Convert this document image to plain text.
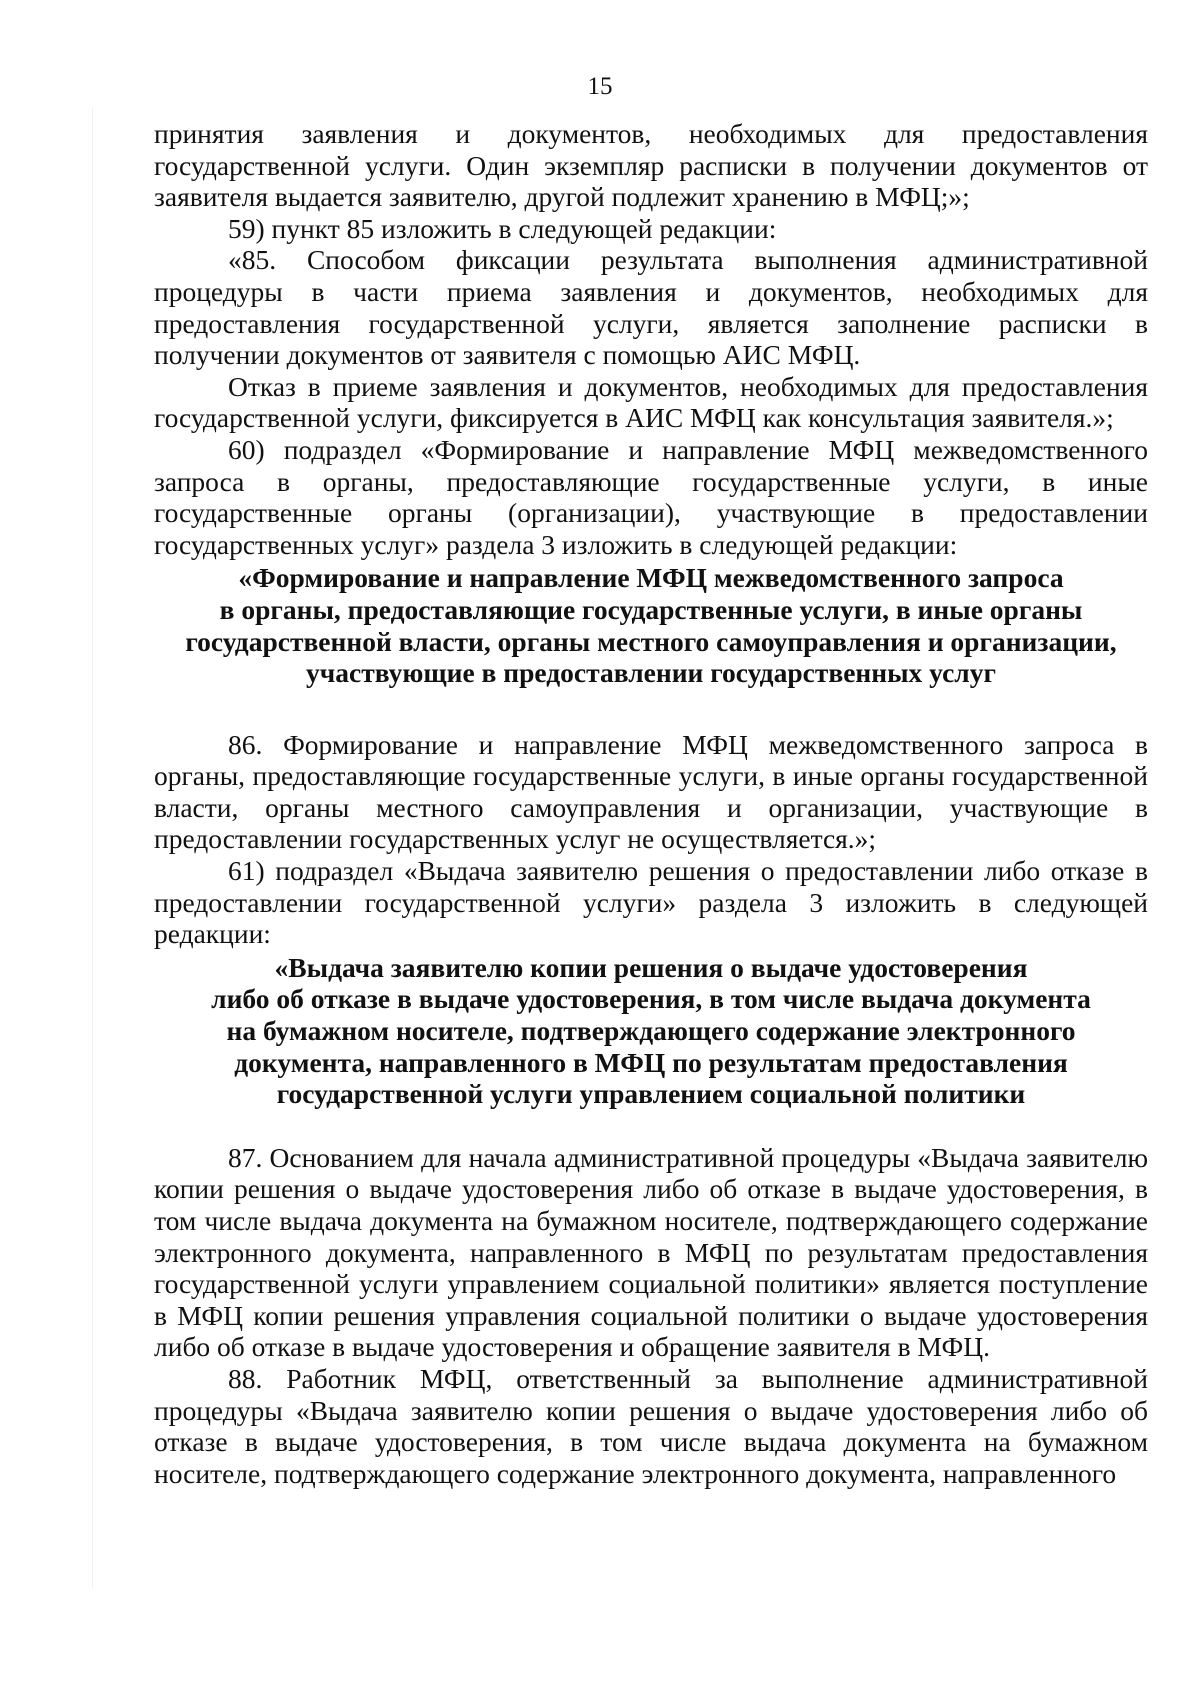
15

принятия заявления и документов, необходимых для предоставления государственной услуги. Один экземпляр расписки в получении документов от заявителя выдается заявителю, другой подлежит хранению в МФЦ;»;

59) пункт 85 изложить в следующей редакции:

«85. Способом фиксации результата выполнения административной процедуры в части приема заявления и документов, необходимых для предоставления государственной услуги, является заполнение расписки в получении документов от заявителя с помощью АИС МФЦ.

Отказ в приеме заявления и документов, необходимых для предоставления государственной услуги, фиксируется в АИС МФЦ как консультация заявителя.»;

60) подраздел «Формирование и направление МФЦ межведомственного запроса в органы, предоставляющие государственные услуги, в иные государственные органы (организации), участвующие в предоставлении государственных услуг» раздела 3 изложить в следующей редакции:

«Формирование и направление МФЦ межведомственного запроса
в органы, предоставляющие государственные услуги, в иные органы
государственной власти, органы местного самоуправления и организации,
участвующие в предоставлении государственных услуг

86. Формирование и направление МФЦ межведомственного запроса в органы, предоставляющие государственные услуги, в иные органы государственной власти, органы местного самоуправления и организации, участвующие в предоставлении государственных услуг не осуществляется.»;

61) подраздел «Выдача заявителю решения о предоставлении либо отказе в предоставлении государственной услуги» раздела 3 изложить в следующей редакции:

«Выдача заявителю копии решения о выдаче удостоверения
либо об отказе в выдаче удостоверения, в том числе выдача документа
на бумажном носителе, подтверждающего содержание электронного
документа, направленного в МФЦ по результатам предоставления
государственной услуги управлением социальной политики

87. Основанием для начала административной процедуры «Выдача заявителю копии решения о выдаче удостоверения либо об отказе в выдаче удостоверения, в том числе выдача документа на бумажном носителе, подтверждающего содержание электронного документа, направленного в МФЦ по результатам предоставления государственной услуги управлением социальной политики» является поступление в МФЦ копии решения управления социальной политики о выдаче удостоверения либо об отказе в выдаче удостоверения и обращение заявителя в МФЦ.

88. Работник МФЦ, ответственный за выполнение административной процедуры «Выдача заявителю копии решения о выдаче удостоверения либо об отказе в выдаче удостоверения, в том числе выдача документа на бумажном носителе, подтверждающего содержание электронного документа, направленного
